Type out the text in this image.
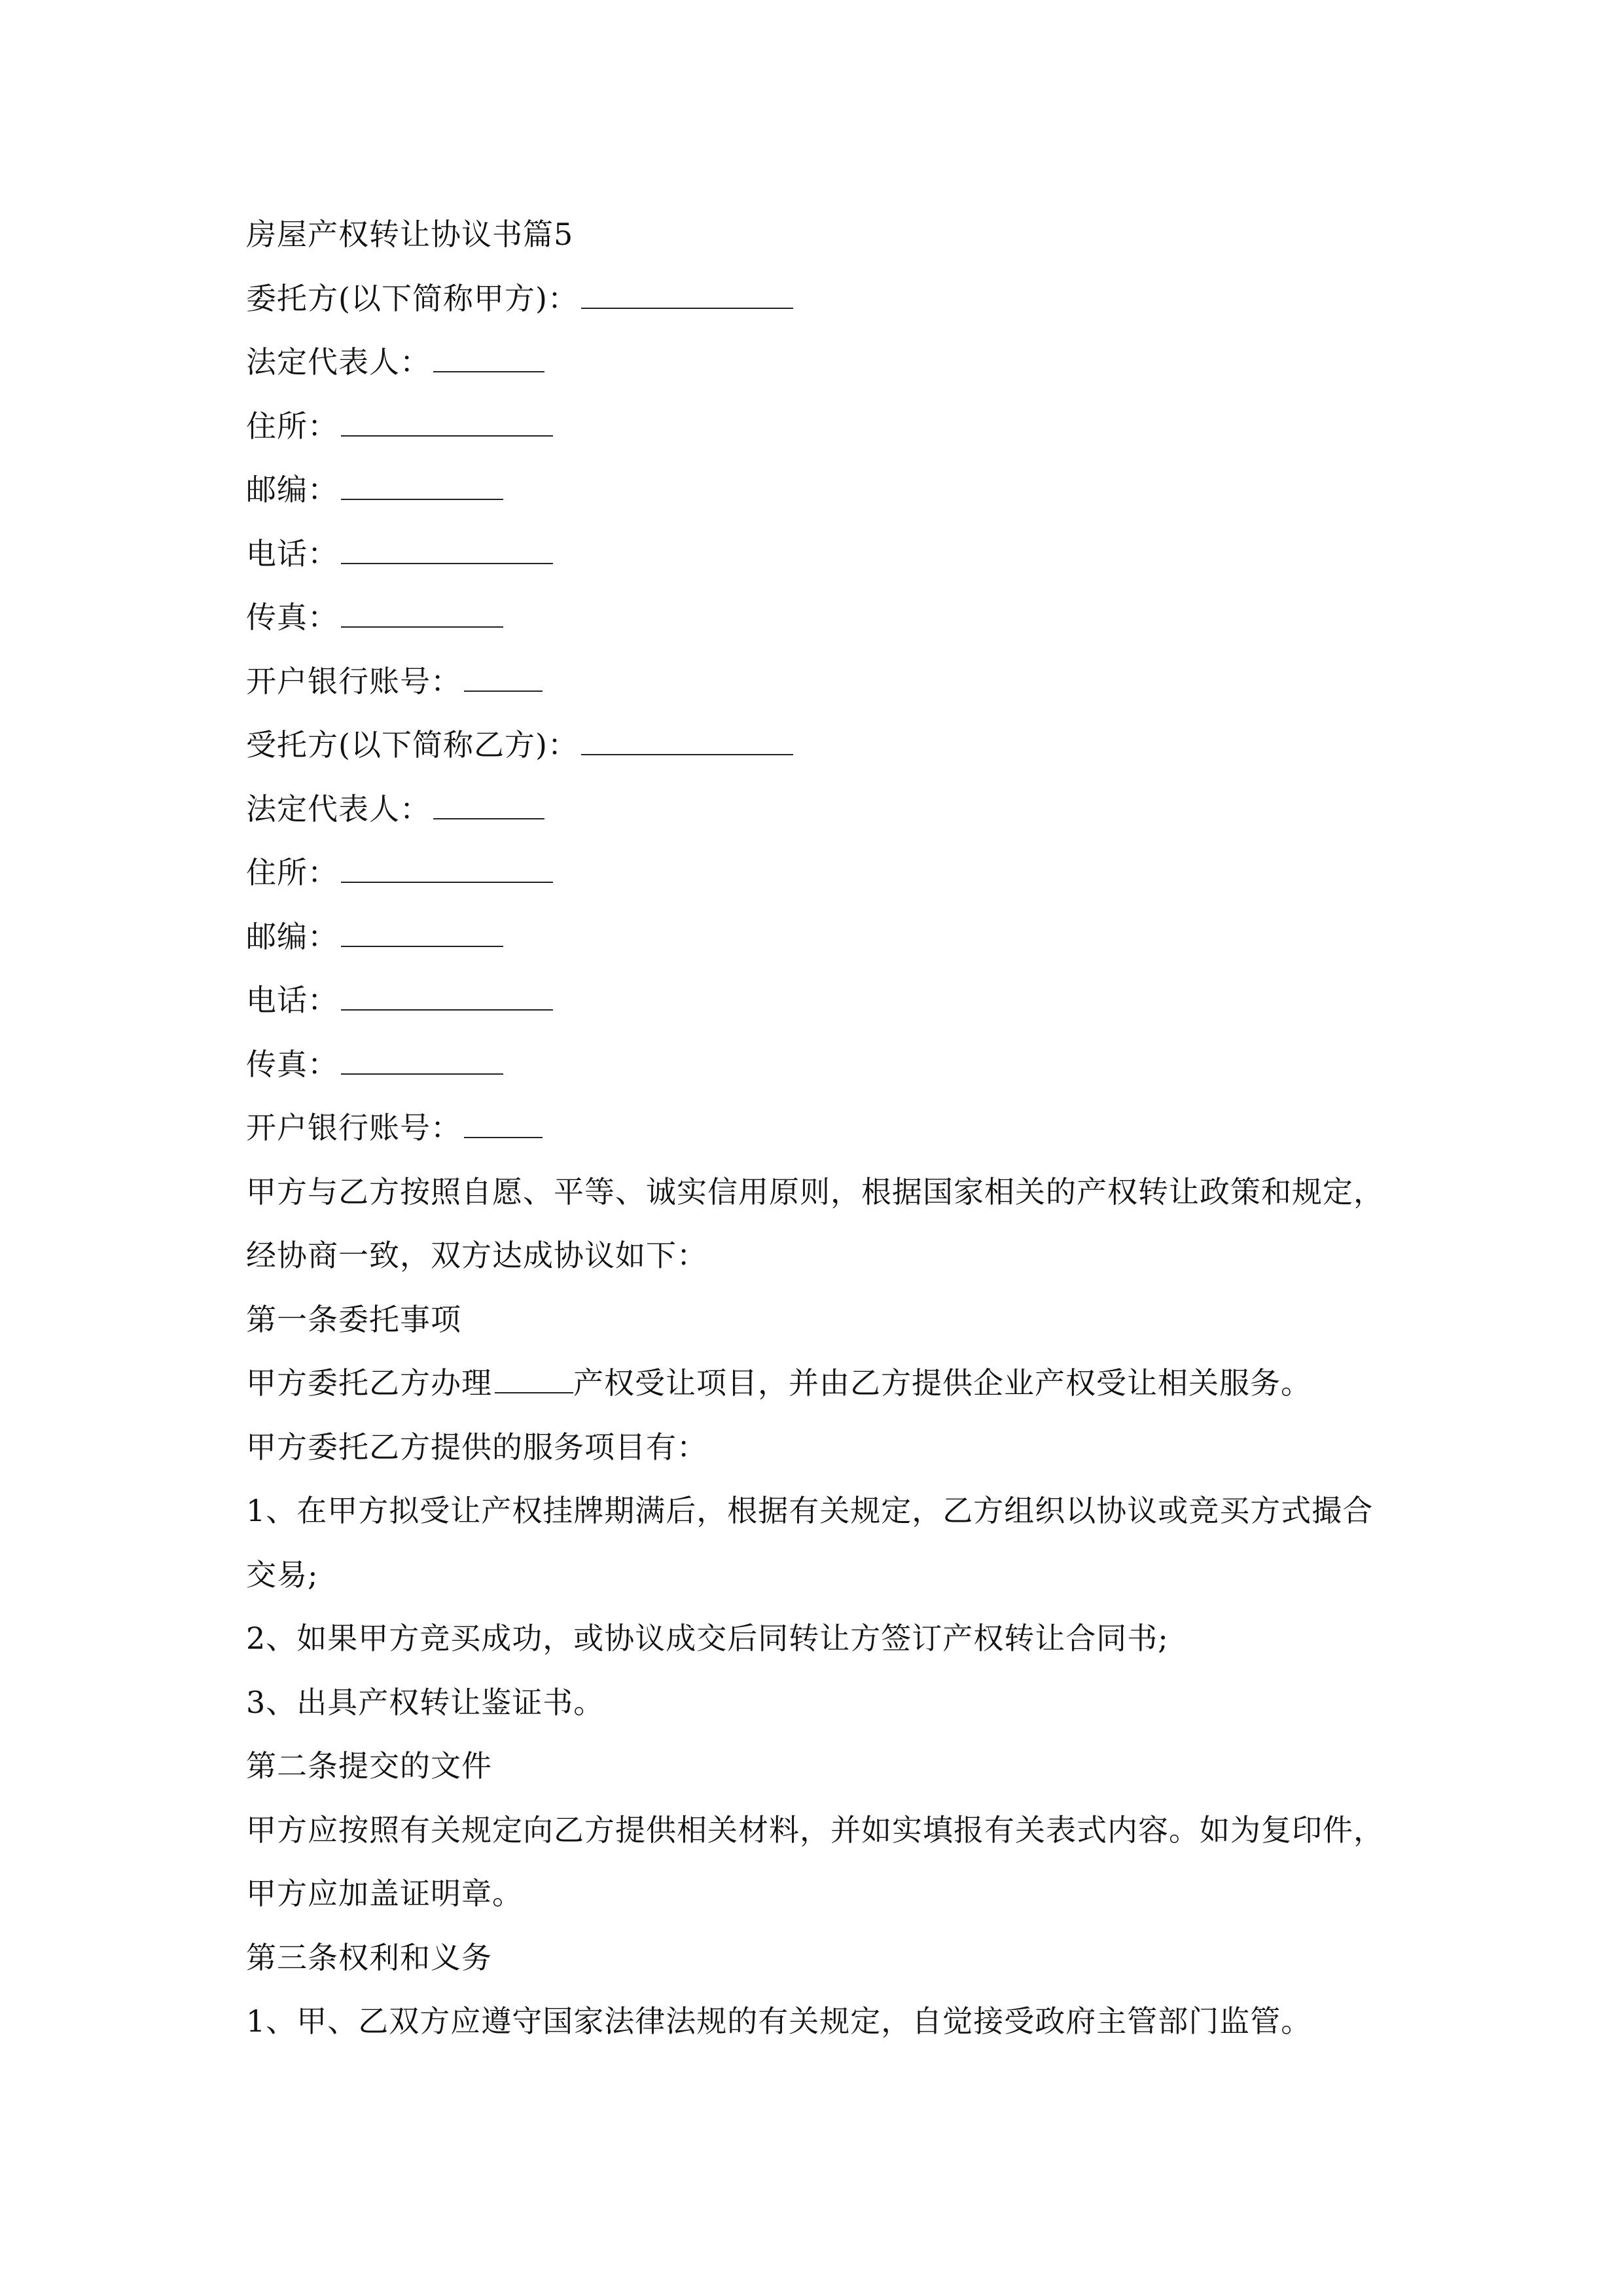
房屋产权转让协议书篇5
委托方(以下简称甲方)：
法定代表人：
住所：
邮编：
电话：
传真：
开户银行账号：
受托方(以下简称乙方)：
法定代表人：
住所：
邮编：
电话：
传真：
开户银行账号：
甲方与乙方按照自愿、平等、诚实信用原则，根据国家相关的产权转让政策和规定，经协商一致，双方达成协议如下：
第一条委托事项
甲方委托乙方办理	产权受让项目，并由乙方提供企业产权受让相关服务。
甲方委托乙方提供的服务项目有：
1、在甲方拟受让产权挂牌期满后，根据有关规定，乙方组织以协议或竞买方式撮合交易;
2、如果甲方竞买成功，或协议成交后同转让方签订产权转让合同书;
3、出具产权转让鉴证书。
第二条提交的文件
甲方应按照有关规定向乙方提供相关材料，并如实填报有关表式内容。如为复印件，甲方应加盖证明章。
第三条权利和义务
1、甲、乙双方应遵守国家法律法规的有关规定，自觉接受政府主管部门监管。
